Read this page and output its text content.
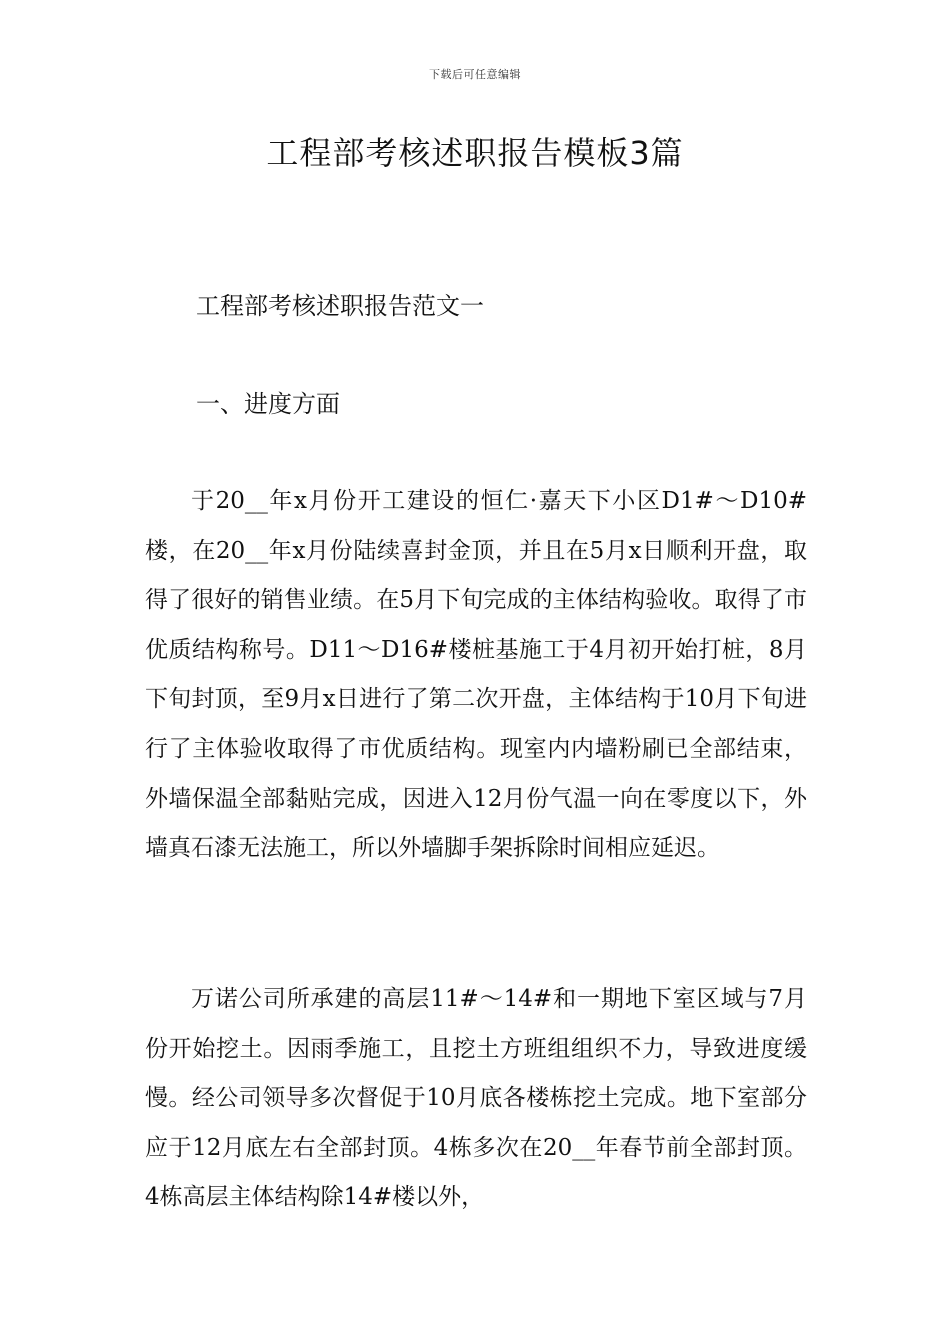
下载后可任意编辑
工程部考核述职报告模板3篇

工程部考核述职报告范文一

一、进度方面

于20__年x月份开工建设的恒仁·嘉天下小区D1#～D10#楼，在20__年x月份陆续喜封金顶，并且在5月x日顺利开盘，取得了很好的销售业绩。在5月下旬完成的主体结构验收。取得了市优质结构称号。D11～D16#楼桩基施工于4月初开始打桩，8月下旬封顶，至9月x日进行了第二次开盘，主体结构于10月下旬进行了主体验收取得了市优质结构。现室内内墙粉刷已全部结束，外墙保温全部黏贴完成，因进入12月份气温一向在零度以下，外墙真石漆无法施工，所以外墙脚手架拆除时间相应延迟。

万诺公司所承建的高层11#～14#和一期地下室区域与7月份开始挖土。因雨季施工，且挖土方班组组织不力，导致进度缓慢。经公司领导多次督促于10月底各楼栋挖土完成。地下室部分应于12月底左右全部封顶。4栋多次在20__年春节前全部封顶。4栋高层主体结构除14#楼以外，
